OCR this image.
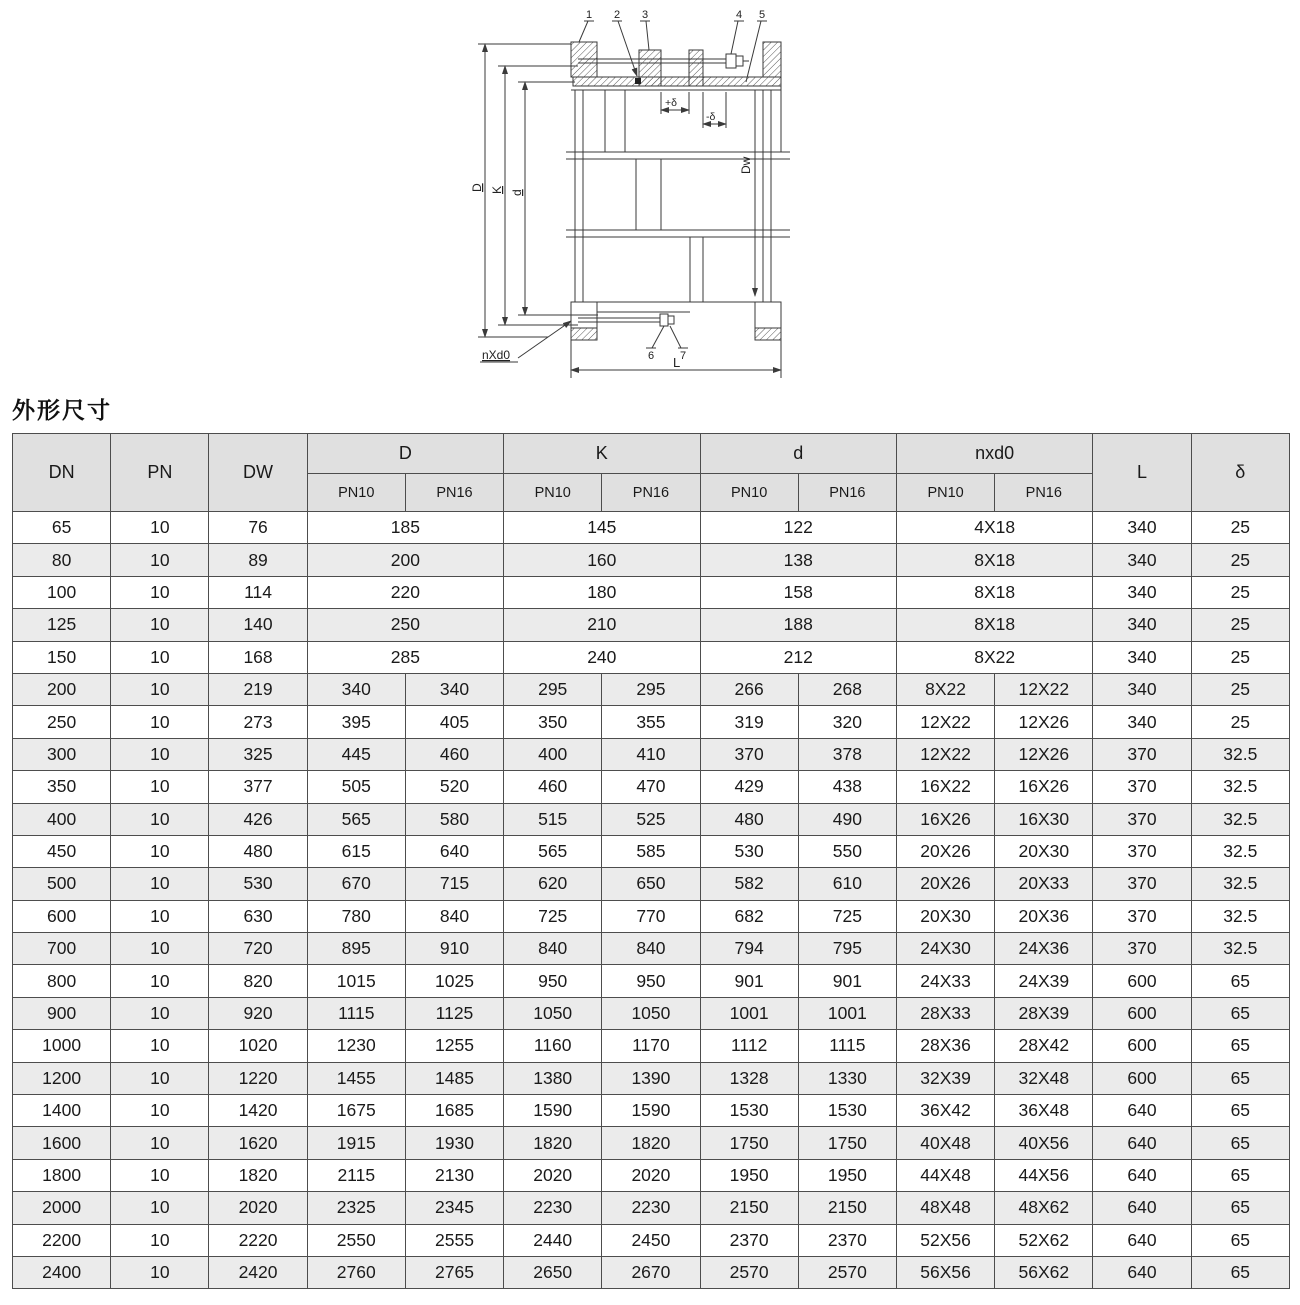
1 2 3	4 5
6 7
D K d
Dw
L
nXd0
+δ
-δ
外形尺寸
DN	PN	DW	D		K		d		nxd0		L	δ
			PN10	PN16	PN10	PN16	PN10	PN16	PN10	PN16		
65	10	76	185		145		122		4X18		340	25
80	10	89	200		160		138		8X18		340	25
100	10	114	220		180		158		8X18		340	25
125	10	140	250		210		188		8X18		340	25
150	10	168	285		240		212		8X22		340	25
200	10	219	340	340	295	295	266	268	8X22	12X22	340	25
250	10	273	395	405	350	355	319	320	12X22	12X26	340	25
300	10	325	445	460	400	410	370	378	12X22	12X26	370	32.5
350	10	377	505	520	460	470	429	438	16X22	16X26	370	32.5
400	10	426	565	580	515	525	480	490	16X26	16X30	370	32.5
450	10	480	615	640	565	585	530	550	20X26	20X30	370	32.5
500	10	530	670	715	620	650	582	610	20X26	20X33	370	32.5
600	10	630	780	840	725	770	682	725	20X30	20X36	370	32.5
700	10	720	895	910	840	840	794	795	24X30	24X36	370	32.5
800	10	820	1015	1025	950	950	901	901	24X33	24X39	600	65
900	10	920	1115	1125	1050	1050	1001	1001	28X33	28X39	600	65
1000	10	1020	1230	1255	1160	1170	1112	1115	28X36	28X42	600	65
1200	10	1220	1455	1485	1380	1390	1328	1330	32X39	32X48	600	65
1400	10	1420	1675	1685	1590	1590	1530	1530	36X42	36X48	640	65
1600	10	1620	1915	1930	1820	1820	1750	1750	40X48	40X56	640	65
1800	10	1820	2115	2130	2020	2020	1950	1950	44X48	44X56	640	65
2000	10	2020	2325	2345	2230	2230	2150	2150	48X48	48X62	640	65
2200	10	2220	2550	2555	2440	2450	2370	2370	52X56	52X62	640	65
2400	10	2420	2760	2765	2650	2670	2570	2570	56X56	56X62	640	65
